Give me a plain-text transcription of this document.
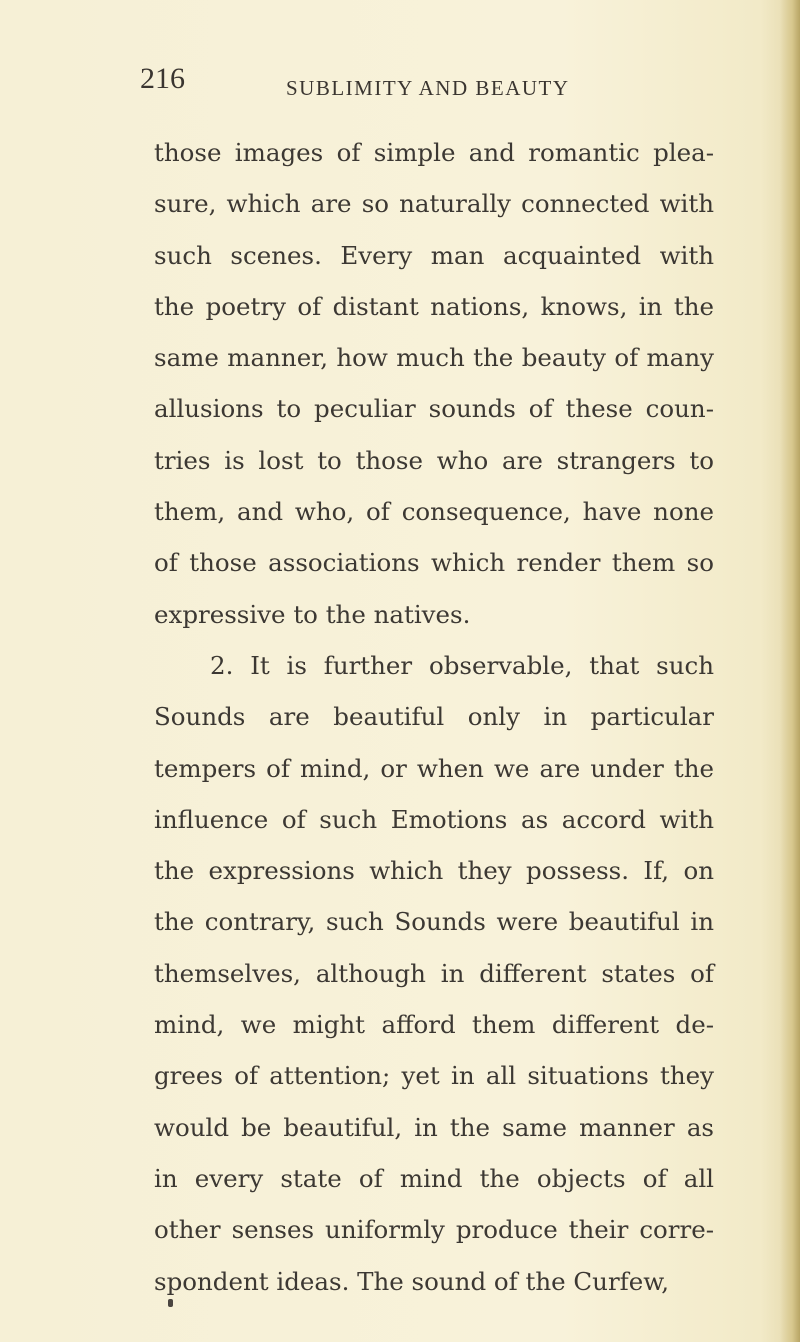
216	SUBLIMITY AND BEAUTY
those images of simple and romantic plea-
sure, which are so naturally connected with
such scenes. Every man acquainted with
the poetry of distant nations, knows, in the
same manner, how much the beauty of many
allusions to peculiar sounds of these coun-
tries is lost to those who are strangers to
them, and who, of consequence, have none
of those associations which render them so
expressive to the natives.
2. It is further observable, that such
Sounds are beautiful only in particular
tempers of mind, or when we are under the
influence of such Emotions as accord with
the expressions which they possess. If, on
the contrary, such Sounds were beautiful in
themselves, although in different states of
mind, we might afford them different de-
grees of attention; yet in all situations they
would be beautiful, in the same manner as
in every state of mind the objects of all
other senses uniformly produce their corre-
spondent ideas. The sound of the Curfew,
